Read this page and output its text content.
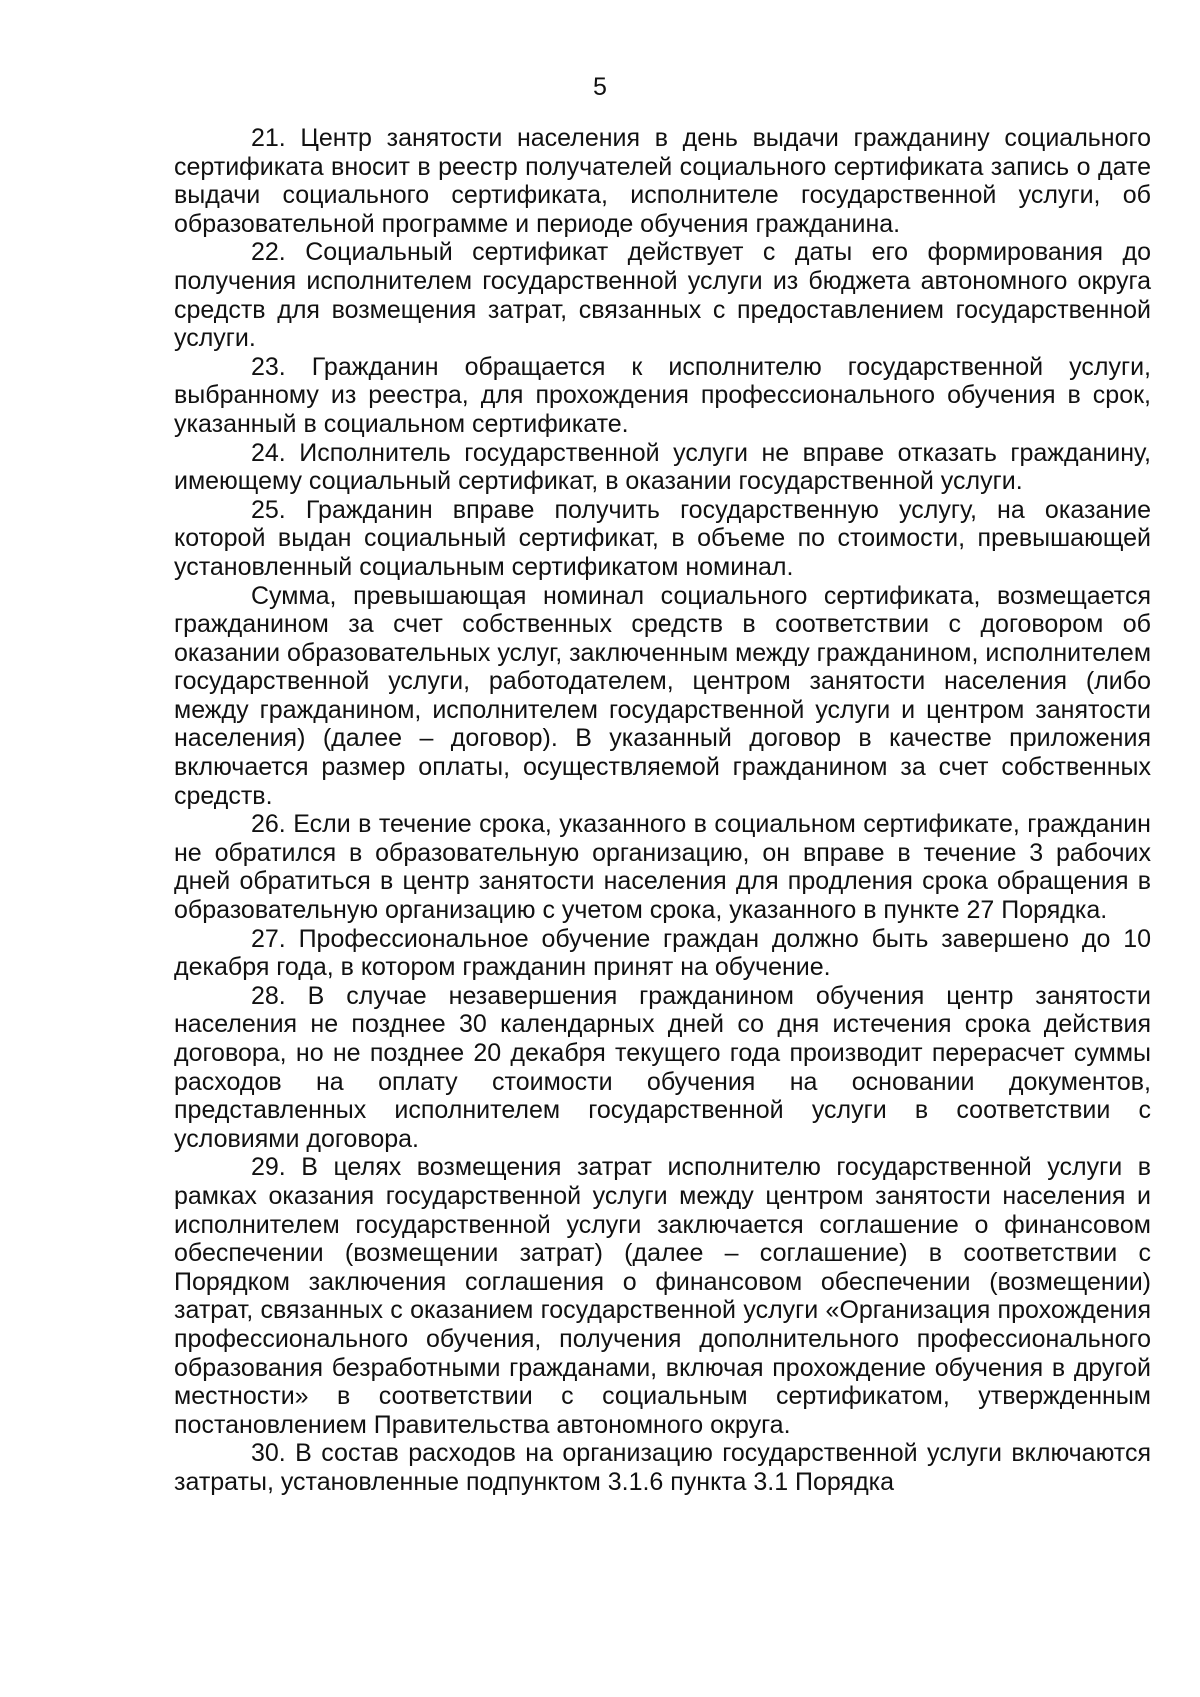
5

21. Центр занятости населения в день выдачи гражданину социального сертификата вносит в реестр получателей социального сертификата запись о дате выдачи социального сертификата, исполнителе государственной услуги, об образовательной программе и периоде обучения гражданина.

22. Социальный сертификат действует с даты его формирования до получения исполнителем государственной услуги из бюджета автономного округа средств для возмещения затрат, связанных с предоставлением государственной услуги.

23. Гражданин обращается к исполнителю государственной услуги, выбранному из реестра, для прохождения профессионального обучения в срок, указанный в социальном сертификате.

24. Исполнитель государственной услуги не вправе отказать гражданину, имеющему социальный сертификат, в оказании государственной услуги.

25. Гражданин вправе получить государственную услугу, на оказание которой выдан социальный сертификат, в объеме по стоимости, превышающей установленный социальным сертификатом номинал.

Сумма, превышающая номинал социального сертификата, возмещается гражданином за счет собственных средств в соответствии с договором об оказании образовательных услуг, заключенным между гражданином, исполнителем государственной услуги, работодателем, центром занятости населения (либо между гражданином, исполнителем государственной услуги и центром занятости населения) (далее – договор). В указанный договор в качестве приложения включается размер оплаты, осуществляемой гражданином за счет собственных средств.

26. Если в течение срока, указанного в социальном сертификате, гражданин не обратился в образовательную организацию, он вправе в течение 3 рабочих дней обратиться в центр занятости населения для продления срока обращения в образовательную организацию с учетом срока, указанного в пункте 27 Порядка.

27. Профессиональное обучение граждан должно быть завершено до 10 декабря года, в котором гражданин принят на обучение.

28. В случае незавершения гражданином обучения центр занятости населения не позднее 30 календарных дней со дня истечения срока действия договора, но не позднее 20 декабря текущего года производит перерасчет суммы расходов на оплату стоимости обучения на основании документов, представленных исполнителем государственной услуги в соответствии с условиями договора.

29. В целях возмещения затрат исполнителю государственной услуги в рамках оказания государственной услуги между центром занятости населения и исполнителем государственной услуги заключается соглашение о финансовом обеспечении (возмещении затрат) (далее – соглашение) в соответствии с Порядком заключения соглашения о финансовом обеспечении (возмещении) затрат, связанных с оказанием государственной услуги «Организация прохождения профессионального обучения, получения дополнительного профессионального образования безработными гражданами, включая прохождение обучения в другой местности» в соответствии с социальным сертификатом, утвержденным постановлением Правительства автономного округа.

30. В состав расходов на организацию государственной услуги включаются затраты, установленные подпунктом 3.1.6 пункта 3.1 Порядка
